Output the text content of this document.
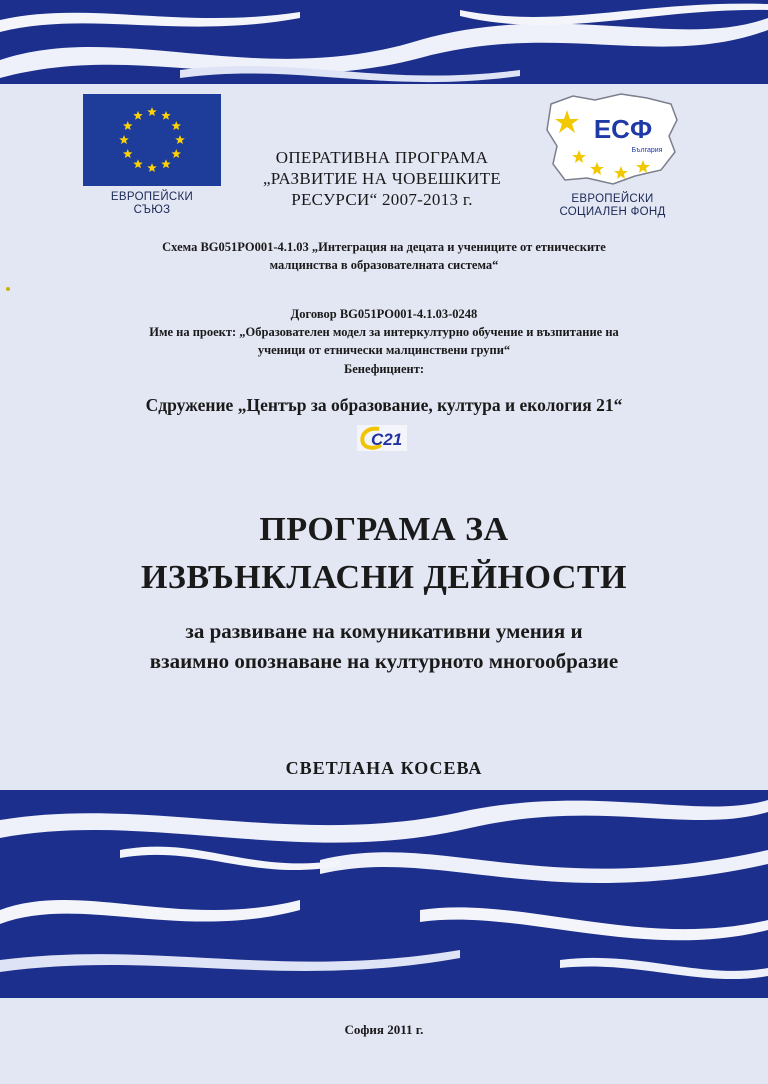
ЕВРОПЕЙСКИ
СЪЮЗ
ОПЕРАТИВНА ПРОГРАМА
„РАЗВИТИЕ НА ЧОВЕШКИТЕ
РЕСУРСИ“ 2007-2013 г.
ЕСФ
България
ЕВРОПЕЙСКИ
СОЦИАЛЕН ФОНД
Схема BG051PO001-4.1.03 „Интеграция на децата и учениците от етническите
малцинства в образователната система“
Договор BG051PO001-4.1.03-0248
Име на проект: „Образователен модел за интеркултурно обучение и възпитание на
ученици от етнически малцинствени групи“
Бенефициент:
Сдружение „Център за образование, култура и екология 21“
C21
ПРОГРАМА ЗА
ИЗВЪНКЛАСНИ ДЕЙНОСТИ
за развиване на комуникативни умения и
взаимно опознаване на културното многообразие
СВЕТЛАНА КОСЕВА
София 2011 г.
